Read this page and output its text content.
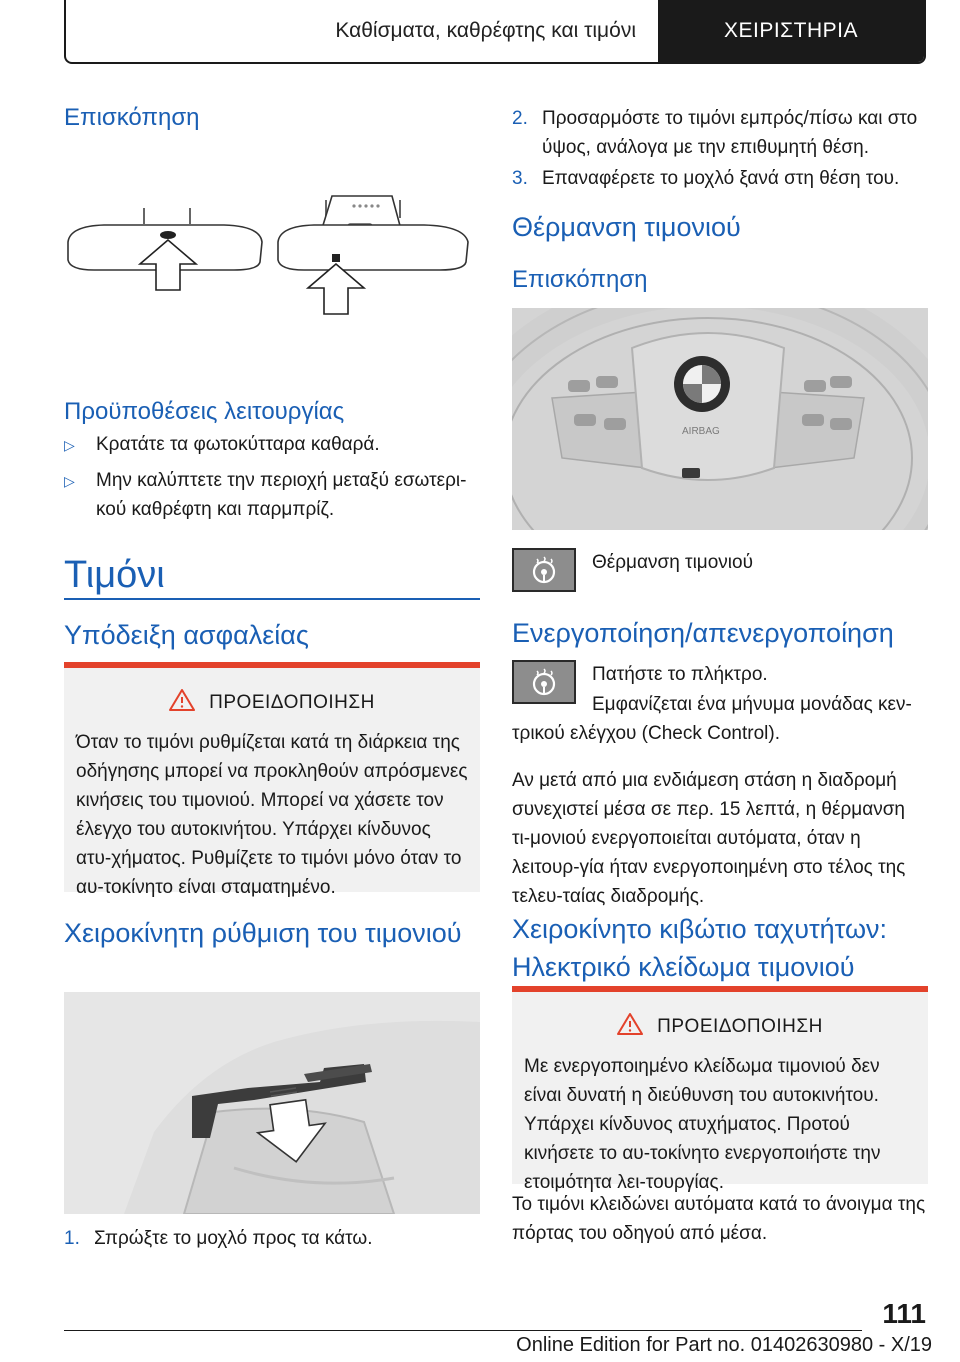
Καθίσματα, καθρέφτης και τιμόνι	ΧΕΙΡΙΣΤΗΡΙΑ
Επισκόπηση
Προϋποθέσεις λειτουργίας
▷	Κρατάτε τα φωτοκύτταρα καθαρά.
▷	Μην καλύπτετε την περιοχή μεταξύ εσωτερι-κού καθρέφτη και παρμπρίζ.
Τιμόνι
Υπόδειξη ασφαλείας
ΠΡΟΕΙΔΟΠΟΙΗΣΗ
Όταν το τιμόνι ρυθμίζεται κατά τη διάρκεια της οδήγησης μπορεί να προκληθούν απρόσμενες κινήσεις του τιμονιού. Μπορεί να χάσετε τον έλεγχο του αυτοκινήτου. Υπάρχει κίνδυνος ατυ-χήματος. Ρυθμίζετε το τιμόνι μόνο όταν το αυ-τοκίνητο είναι σταματημένο.
Χειροκίνητη ρύθμιση του τιμονιού
1. Σπρώξτε το μοχλό προς τα κάτω.
2. Προσαρμόστε το τιμόνι εμπρός/πίσω και στο ύψος, ανάλογα με την επιθυμητή θέση.
3. Επαναφέρετε το μοχλό ξανά στη θέση του.
Θέρμανση τιμονιού
Επισκόπηση
AIRBAG
Θέρμανση τιμονιού
Ενεργοποίηση/απενεργοποίηση
Πατήστε το πλήκτρο.
Εμφανίζεται ένα μήνυμα μονάδας κεν-τρικού ελέγχου (Check Control).
Αν μετά από μια ενδιάμεση στάση η διαδρομή συνεχιστεί μέσα σε περ. 15 λεπτά, η θέρμανση τι-μονιού ενεργοποιείται αυτόματα, όταν η λειτουρ-γία ήταν ενεργοποιημένη στο τέλος της τελευ-ταίας διαδρομής.
Χειροκίνητο κιβώτιο ταχυτήτων: Ηλεκτρικό κλείδωμα τιμονιού
ΠΡΟΕΙΔΟΠΟΙΗΣΗ
Με ενεργοποιημένο κλείδωμα τιμονιού δεν είναι δυνατή η διεύθυνση του αυτοκινήτου. Υπάρχει κίνδυνος ατυχήματος. Προτού κινήσετε το αυ-τοκίνητο ενεργοποιήστε την ετοιμότητα λει-τουργίας.
Το τιμόνι κλειδώνει αυτόματα κατά το άνοιγμα της πόρτας του οδηγού από μέσα.
111
Online Edition for Part no. 01402630980 - X/19
